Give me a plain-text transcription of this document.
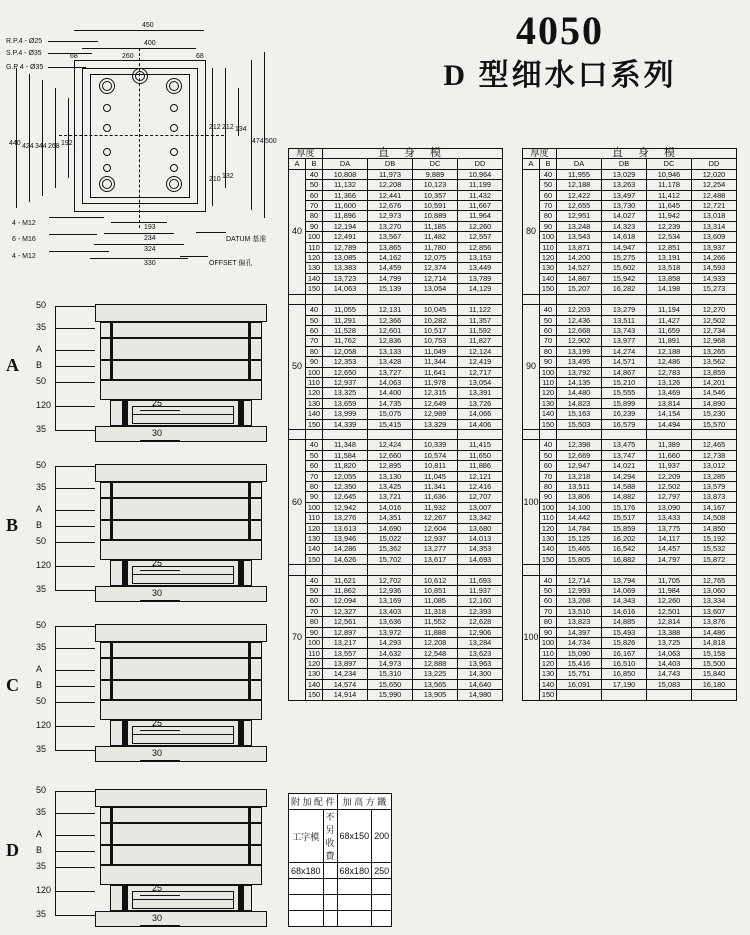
4050
D 型细水口系列
R.P.4 - Ø25
S.P.4 - Ø35
G.P 4 - Ø35
450
400
68	260	68
440 424 344 268 192
212 212 134
474 500
210 132
193
234
324
330
4 - M12
6 - M16
4 - M12
DATUM 基准
OFFSET 偏孔
A
50
35
A
B
50
120
35
25
30
B
50
35
A
B
50
120
35
25
30
C
50
35
A
B
50
120
35
25
30
D
50
35
A
B
35
120
35
25
30
厚度		直 身 模			
A	B	DA	DB	DC	DD
40	40	10,808	11,973	9,889	10,964
	50	11,132	12,208	10,123	11,199
	60	11,366	12,441	10,357	11,432
	70	11,600	12,676	10,591	11,667
	80	11,896	12,973	10,889	11,964
	90	12,194	13,270	11,185	12,260
	100	12,491	13,567	11,482	12,557
	110	12,789	13,865	11,780	12,856
	120	13,085	14,162	12,075	13,153
	130	13,383	14,459	12,374	13,449
	140	13,723	14,799	12,714	13,789
	150	14,063	15,139	13,054	14,129

50	40	11,055	12,131	10,045	11,122
	50	11,291	12,366	10,282	11,357
	60	11,528	12,601	10,517	11,592
	70	11,762	12,836	10,753	11,827
	80	12,058	13,133	11,049	12,124
	90	12,353	13,428	11,344	12,419
	100	12,650	13,727	11,641	12,717
	110	12,937	14,063	11,978	13,054
	120	13,325	14,400	12,315	13,391
	130	13,659	14,735	12,649	13,726
	140	13,999	15,075	12,989	14,066
	150	14,339	15,415	13,329	14,406

60	40	11,348	12,424	10,339	11,415
	50	11,584	12,660	10,574	11,650
	60	11,820	12,895	10,811	11,886
	70	12,055	13,130	11,045	12,121
	80	12,350	13,425	11,341	12,416
	90	12,645	13,721	11,636	12,707
	100	12,942	14,016	11,932	13,007
	110	13,276	14,351	12,267	13,342
	120	13,613	14,690	12,604	13,680
	130	13,946	15,022	12,937	14,013
	140	14,286	15,362	13,277	14,353
	150	14,626	15,702	13,617	14,693

70	40	11,621	12,702	10,612	11,693
	50	11,862	12,936	10,851	11,937
	60	12,094	13,169	11,085	12,160
	70	12,327	13,403	11,318	12,393
	80	12,561	13,636	11,552	12,628
	90	12,897	13,972	11,888	12,906
	100	13,217	14,293	12,208	13,284
	110	13,557	14,632	12,548	13,623
	120	13,897	14,973	12,888	13,963
	130	14,234	15,310	13,225	14,300
	140	14,574	15,650	13,565	14,640
	150	14,914	15,990	13,905	14,980
厚度		直 身 模			
A	B	DA	DB	DC	DD
80	40	11,955	13,029	10,946	12,020
	50	12,188	13,263	11,178	12,254
	60	12,422	13,497	11,412	12,488
	70	12,655	13,730	11,645	12,721
	80	12,951	14,027	11,942	13,018
	90	13,248	14,323	12,239	13,314
	100	13,543	14,618	12,534	13,609
	110	13,871	14,947	12,851	13,937
	120	14,200	15,275	13,191	14,266
	130	14,527	15,602	13,518	14,593
	140	14,867	15,942	13,858	14,933
	150	15,207	16,282	14,198	15,273

90	40	12,203	13,279	11,194	12,270
	50	12,436	13,511	11,427	12,502
	60	12,668	13,743	11,659	12,734
	70	12,902	13,977	11,891	12,968
	80	13,199	14,274	12,188	13,265
	90	13,495	14,571	12,486	13,562
	100	13,792	14,867	12,783	13,859
	110	14,135	15,210	13,126	14,201
	120	14,480	15,555	13,469	14,546
	130	14,823	15,899	13,814	14,890
	140	15,163	16,239	14,154	15,230
	150	15,503	16,579	14,494	15,570

100	40	12,398	13,475	11,389	12,465
	50	12,669	13,747	11,660	12,738
	60	12,947	14,021	11,937	13,012
	70	13,218	14,294	12,209	13,285
	80	13,511	14,588	12,502	13,579
	90	13,806	14,882	12,797	13,873
	100	14,100	15,176	13,090	14,167
	110	14,442	15,517	13,433	14,508
	120	14,784	15,859	13,775	14,850
	130	15,125	16,202	14,117	15,192
	140	15,465	16,542	14,457	15,532
	150	15,805	16,882	14,797	15,872

100	40	12,714	13,794	11,705	12,765
	50	12,993	14,069	11,984	13,060
	60	13,268	14,343	12,260	13,334
	70	13,510	14,616	12,501	13,607
	80	13,823	14,885	12,814	13,876
	90	14,397	15,493	13,388	14,486
	100	14,734	15,826	13,725	14,818
	110	15,090	16,167	14,063	15,158
	120	15,416	16,510	14,403	15,500
	130	15,751	16,850	14,743	15,840
	140	16,091	17,190	15,083	16,180
	150				
附 加 配 件		加 高 方 鐵	
工字模	不另收費	68x150	200
68x180		68x180	250
